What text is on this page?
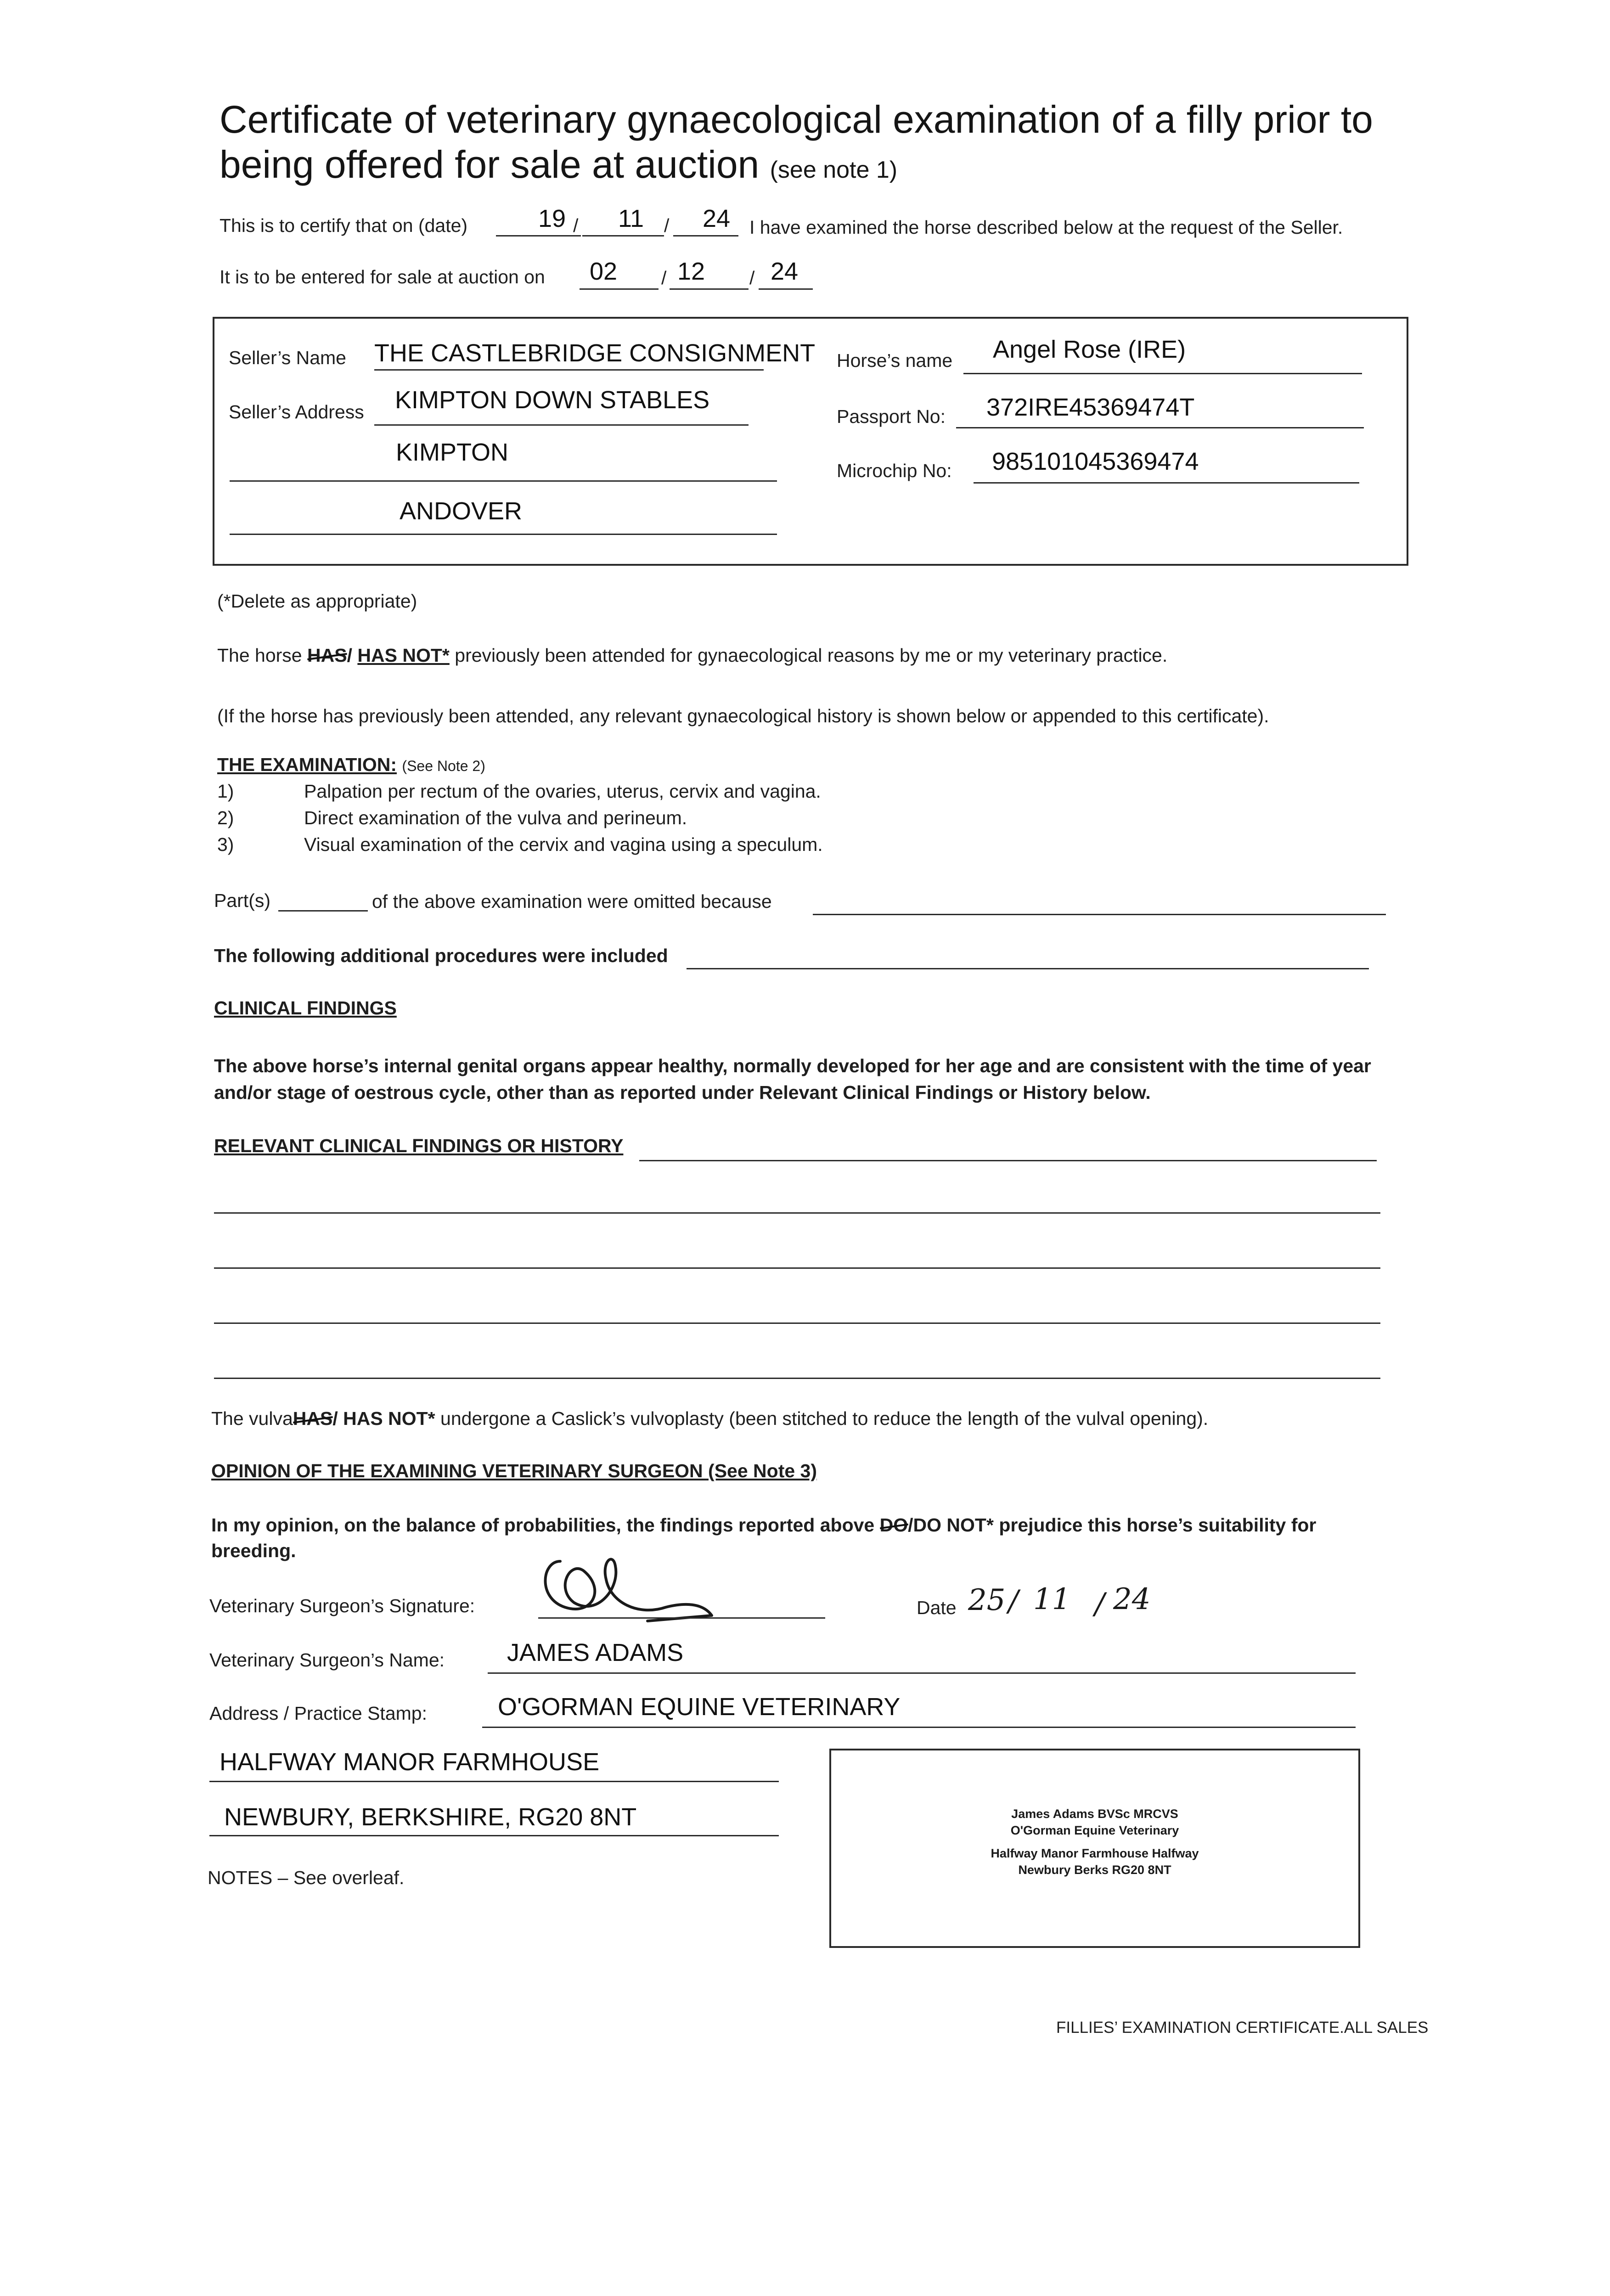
Certificate of veterinary gynaecological examination of a filly prior to
being offered for sale at auction (see note 1)
This is to certify that on (date)	19 / 11 / 24 I have examined the horse described below at the request of the Seller.
It is to be entered for sale at auction on 02 / 12 / 24
Seller’s Name THE CASTLEBRIDGE CONSIGNMENT
Seller’s Address KIMPTON DOWN STABLES
KIMPTON
ANDOVER
Horse’s name Angel Rose (IRE)
Passport No: 372IRE45369474T
Microchip No: 985101045369474
(*Delete as appropriate)
The horse HAS/ HAS NOT* previously been attended for gynaecological reasons by me or my veterinary practice.
(If the horse has previously been attended, any relevant gynaecological history is shown below or appended to this certificate).
THE EXAMINATION: (See Note 2)
1)	Palpation per rectum of the ovaries, uterus, cervix and vagina.
2)	Direct examination of the vulva and perineum.
3)	Visual examination of the cervix and vagina using a speculum.
Part(s)	of the above examination were omitted because
The following additional procedures were included
CLINICAL FINDINGS
The above horse’s internal genital organs appear healthy, normally developed for her age and are consistent with the time of year
and/or stage of oestrous cycle, other than as reported under Relevant Clinical Findings or History below.
RELEVANT CLINICAL FINDINGS OR HISTORY
The vulvaHAS/ HAS NOT* undergone a Caslick’s vulvoplasty (been stitched to reduce the length of the vulval opening).
OPINION OF THE EXAMINING VETERINARY SURGEON (See Note 3)
In my opinion, on the balance of probabilities, the findings reported above DO/DO NOT* prejudice this horse’s suitability for
breeding.
Veterinary Surgeon’s Signature:	Date 25 / 11 / 24
Veterinary Surgeon’s Name:	JAMES ADAMS
Address / Practice Stamp:	O'GORMAN EQUINE VETERINARY
HALFWAY MANOR FARMHOUSE
NEWBURY, BERKSHIRE, RG20 8NT	James Adams BVSc MRCVS
O'Gorman Equine Veterinary
Halfway Manor Farmhouse Halfway
Newbury Berks RG20 8NT
NOTES – See overleaf.
FILLIES’ EXAMINATION CERTIFICATE.ALL SALES
